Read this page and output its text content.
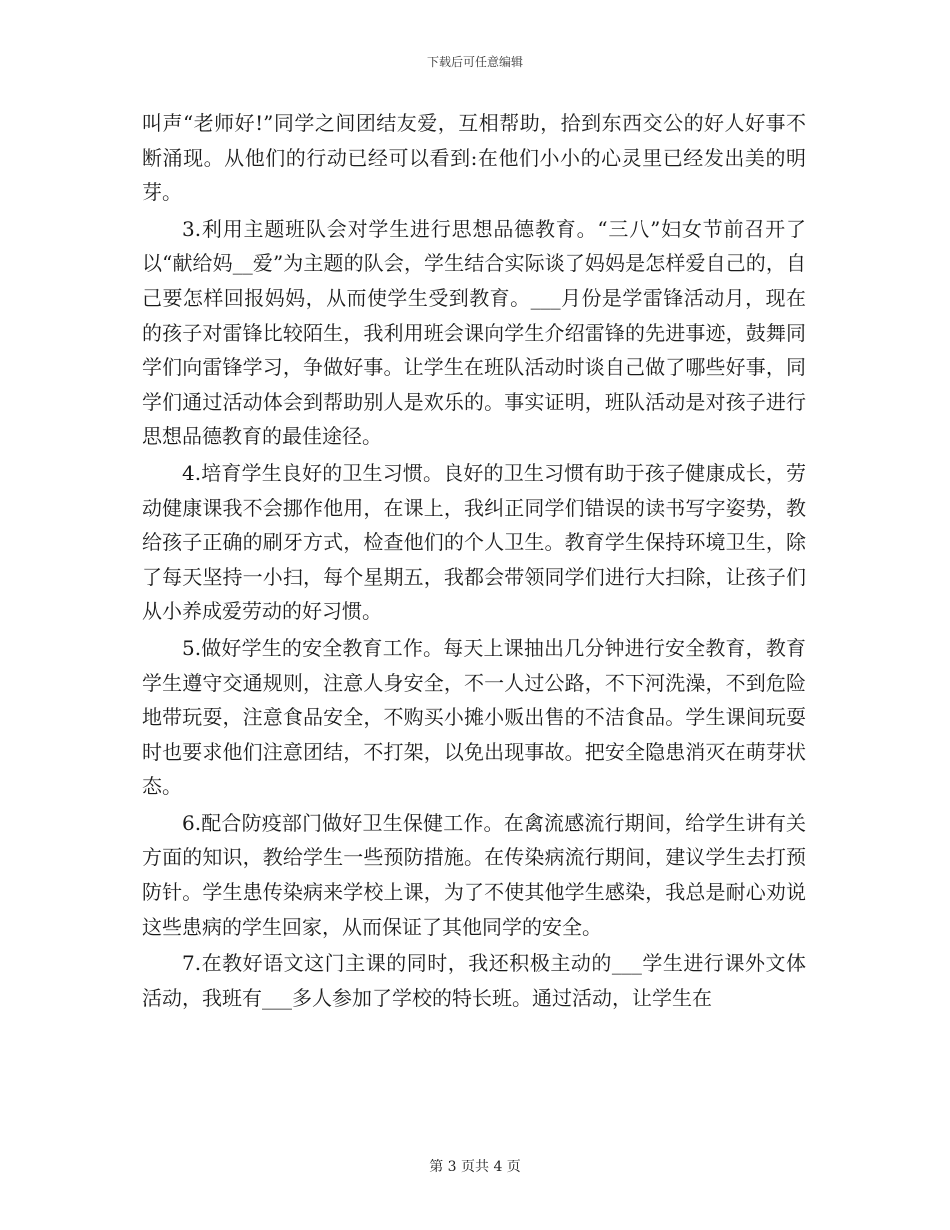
下载后可任意编辑

叫声“老师好!”同学之间团结友爱，互相帮助，拾到东西交公的好人好事不断涌现。从他们的行动已经可以看到:在他们小小的心灵里已经发出美的明芽。

3.利用主题班队会对学生进行思想品德教育。“三八”妇女节前召开了以“献给妈__爱”为主题的队会，学生结合实际谈了妈妈是怎样爱自己的，自己要怎样回报妈妈，从而使学生受到教育。___月份是学雷锋活动月，现在的孩子对雷锋比较陌生，我利用班会课向学生介绍雷锋的先进事迹，鼓舞同学们向雷锋学习，争做好事。让学生在班队活动时谈自己做了哪些好事，同学们通过活动体会到帮助别人是欢乐的。事实证明，班队活动是对孩子进行思想品德教育的最佳途径。

4.培育学生良好的卫生习惯。良好的卫生习惯有助于孩子健康成长，劳动健康课我不会挪作他用，在课上，我纠正同学们错误的读书写字姿势，教给孩子正确的刷牙方式，检查他们的个人卫生。教育学生保持环境卫生，除了每天坚持一小扫，每个星期五，我都会带领同学们进行大扫除，让孩子们从小养成爱劳动的好习惯。

5.做好学生的安全教育工作。每天上课抽出几分钟进行安全教育，教育学生遵守交通规则，注意人身安全，不一人过公路，不下河洗澡，不到危险地带玩耍，注意食品安全，不购买小摊小贩出售的不洁食品。学生课间玩耍时也要求他们注意团结，不打架，以免出现事故。把安全隐患消灭在萌芽状态。

6.配合防疫部门做好卫生保健工作。在禽流感流行期间，给学生讲有关方面的知识，教给学生一些预防措施。在传染病流行期间，建议学生去打预防针。学生患传染病来学校上课，为了不使其他学生感染，我总是耐心劝说这些患病的学生回家，从而保证了其他同学的安全。

7.在教好语文这门主课的同时，我还积极主动的___学生进行课外文体活动，我班有___多人参加了学校的特长班。通过活动，让学生在

第 3 页共 4 页
